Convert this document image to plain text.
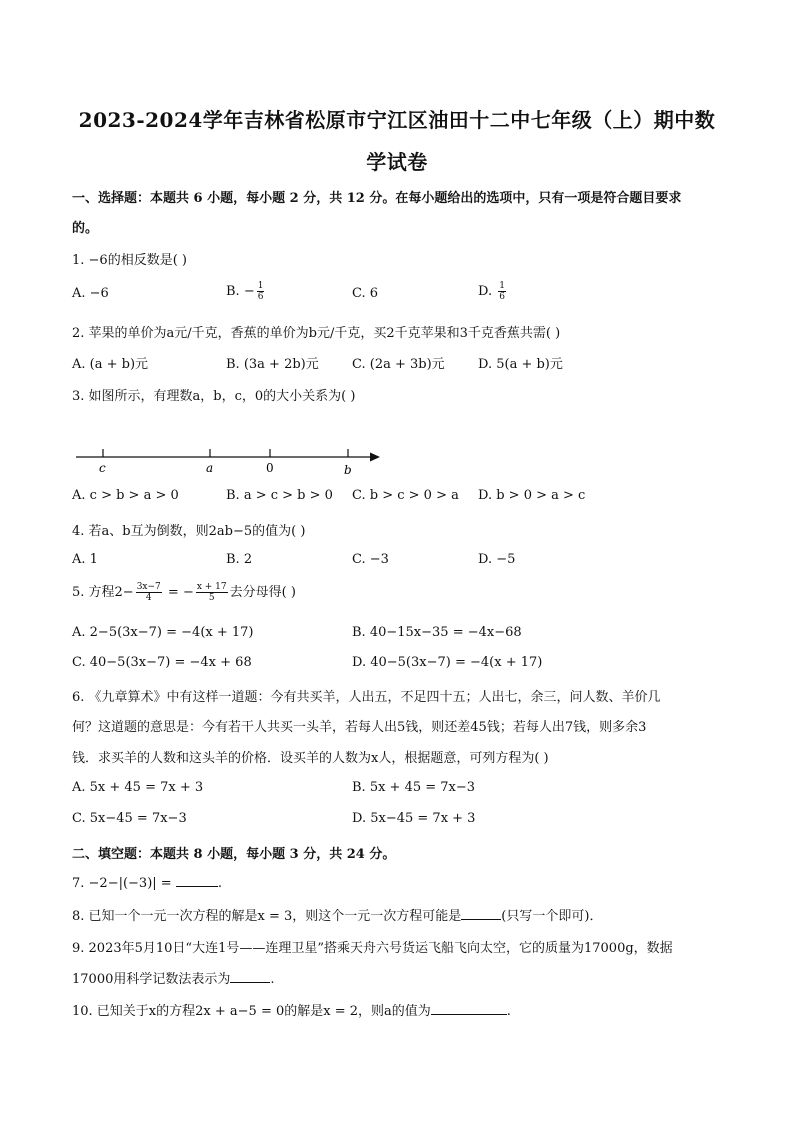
2023-2024学年吉林省松原市宁江区油田十二中七年级（上）期中数
学试卷
一、选择题：本题共 6 小题，每小题 2 分，共 12 分。在每小题给出的选项中，只有一项是符合题目要求
的。
1. −6的相反数是( )
A. −6	B. − $\frac{1}{6}$	C. 6	D. $\frac{1}{6}$
2. 苹果的单价为a元/千克，香蕉的单价为b元/千克，买2千克苹果和3千克香蕉共需( )
A. (a + b)元	B. (3a + 2b)元	C. (2a + 3b)元	D. 5(a + b)元
3. 如图所示，有理数a，b，c，0的大小关系为( )
c	a	0	b
A. c > b > a > 0	B. a > c > b > 0 C. b > c > 0 > a D. b > 0 > a > c
4. 若a、b互为倒数，则2ab−5的值为( )
A. 1	B. 2	C. −3	D. −5
5. 方程$2- \frac{3x-7}{4}$ = − $\frac{x + 17}{5}$ 去分母得( )
A. 2−5(3x−7) = −4(x + 17)	B. 40−15x−35 = −4x−68
C. 40−5(3x−7) = −4x + 68	D. 40−5(3x−7) = −4(x + 17)
6. 《九章算术》中有这样一道题：今有共买羊，人出五，不足四十五；人出七，余三，问人数、羊价几
何？这道题的意思是：今有若干人共买一头羊，若每人出5钱，则还差45钱；若每人出7钱，则多余3
钱．求买羊的人数和这头羊的价格．设买羊的人数为x人，根据题意，可列方程为( )
A. 5x + 45 = 7x + 3	B. 5x + 45 = 7x−3
C. 5x−45 = 7x−3	D. 5x−45 = 7x + 3
二、填空题：本题共 8 小题，每小题 3 分，共 24 分。
7. −2−|(−3)| =	.
8. 已知一个一元一次方程的解是x = 3，则这个一元一次方程可能是	(只写一个即可)．
9. 2023年5月10日“大连1号——连理卫星”搭乘天舟六号货运飞船飞向太空，它的质量为17000g，数据
17000用科学记数法表示为	.
10. 已知关于x的方程2x + a−5 = 0的解是x = 2，则a的值为	.
